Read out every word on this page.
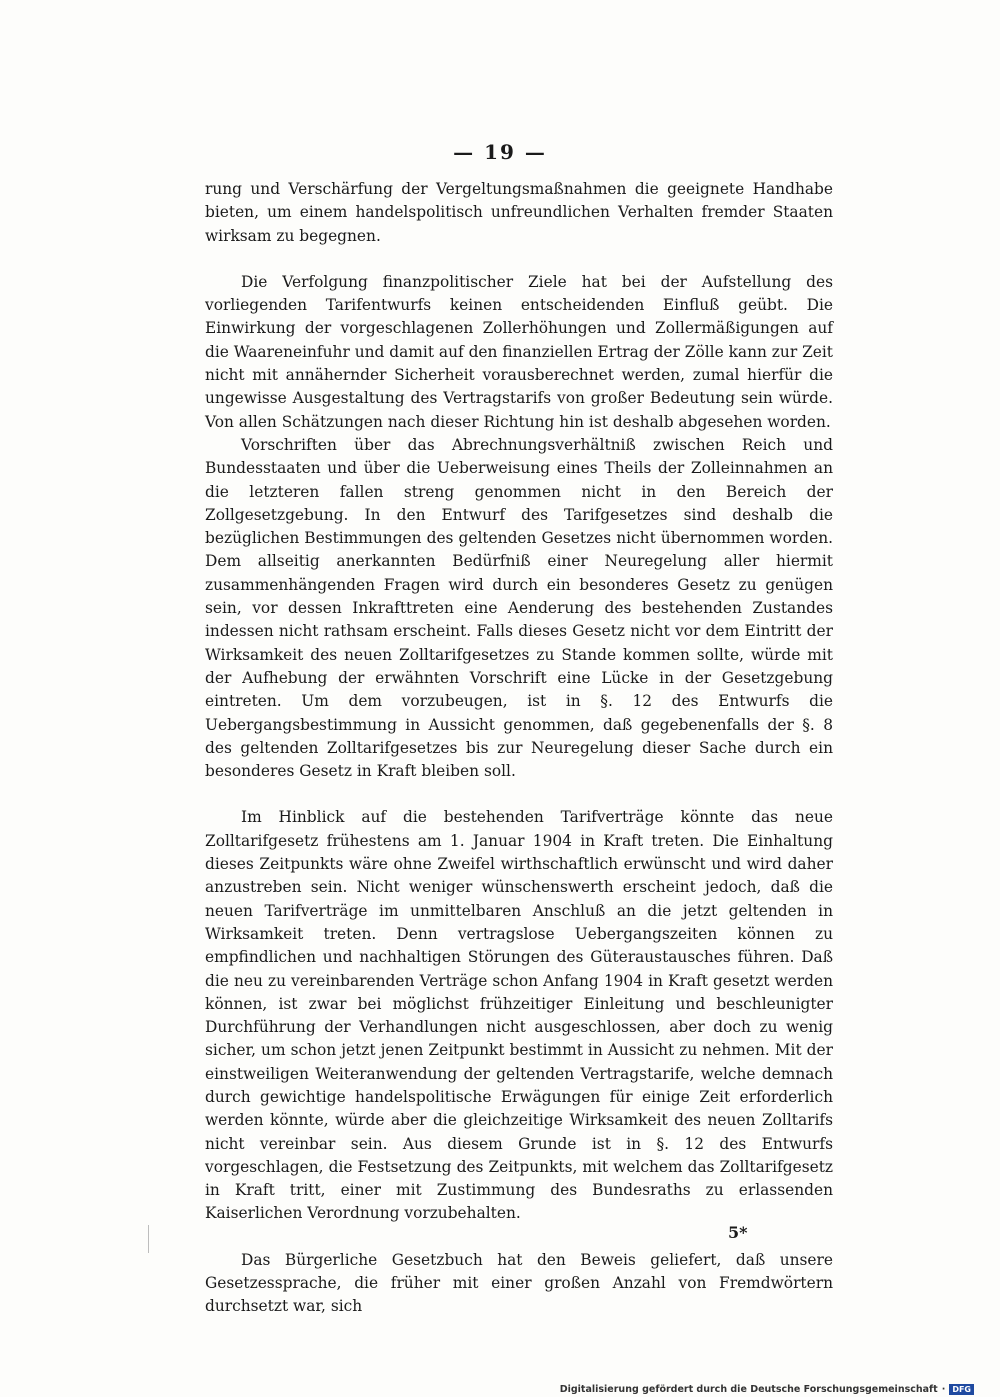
— 19 —

rung und Verschärfung der Vergeltungsmaßnahmen die geeignete Handhabe bieten, um einem handelspolitisch unfreundlichen Verhalten fremder Staaten wirksam zu begegnen.

Die Verfolgung finanzpolitischer Ziele hat bei der Aufstellung des vorliegenden Tarifentwurfs keinen entscheidenden Einfluß geübt. Die Einwirkung der vorgeschlagenen Zollerhöhungen und Zollermäßigungen auf die Waareneinfuhr und damit auf den finanziellen Ertrag der Zölle kann zur Zeit nicht mit annähernder Sicherheit vorausberechnet werden, zumal hierfür die ungewisse Ausgestaltung des Vertragstarifs von großer Bedeutung sein würde. Von allen Schätzungen nach dieser Richtung hin ist deshalb abgesehen worden.

Vorschriften über das Abrechnungsverhältniß zwischen Reich und Bundesstaaten und über die Ueberweisung eines Theils der Zolleinnahmen an die letzteren fallen streng genommen nicht in den Bereich der Zollgesetzgebung. In den Entwurf des Tarifgesetzes sind deshalb die bezüglichen Bestimmungen des geltenden Gesetzes nicht übernommen worden. Dem allseitig anerkannten Bedürfniß einer Neuregelung aller hiermit zusammenhängenden Fragen wird durch ein besonderes Gesetz zu genügen sein, vor dessen Inkrafttreten eine Aenderung des bestehenden Zustandes indessen nicht rathsam erscheint. Falls dieses Gesetz nicht vor dem Eintritt der Wirksamkeit des neuen Zolltarifgesetzes zu Stande kommen sollte, würde mit der Aufhebung der erwähnten Vorschrift eine Lücke in der Gesetzgebung eintreten. Um dem vorzubeugen, ist in §. 12 des Entwurfs die Uebergangsbestimmung in Aussicht genommen, daß gegebenenfalls der §. 8 des geltenden Zolltarifgesetzes bis zur Neuregelung dieser Sache durch ein besonderes Gesetz in Kraft bleiben soll.

Im Hinblick auf die bestehenden Tarifverträge könnte das neue Zolltarifgesetz frühestens am 1. Januar 1904 in Kraft treten. Die Einhaltung dieses Zeitpunkts wäre ohne Zweifel wirthschaftlich erwünscht und wird daher anzustreben sein. Nicht weniger wünschenswerth erscheint jedoch, daß die neuen Tarifverträge im unmittelbaren Anschluß an die jetzt geltenden in Wirksamkeit treten. Denn vertragslose Uebergangszeiten können zu empfindlichen und nachhaltigen Störungen des Güteraustausches führen. Daß die neu zu vereinbarenden Verträge schon Anfang 1904 in Kraft gesetzt werden können, ist zwar bei möglichst frühzeitiger Einleitung und beschleunigter Durchführung der Verhandlungen nicht ausgeschlossen, aber doch zu wenig sicher, um schon jetzt jenen Zeitpunkt bestimmt in Aussicht zu nehmen. Mit der einstweiligen Weiteranwendung der geltenden Vertragstarife, welche demnach durch gewichtige handelspolitische Erwägungen für einige Zeit erforderlich werden könnte, würde aber die gleichzeitige Wirksamkeit des neuen Zolltarifs nicht vereinbar sein. Aus diesem Grunde ist in §. 12 des Entwurfs vorgeschlagen, die Festsetzung des Zeitpunkts, mit welchem das Zolltarifgesetz in Kraft tritt, einer mit Zustimmung des Bundesraths zu erlassenden Kaiserlichen Verordnung vorzubehalten.

Das Bürgerliche Gesetzbuch hat den Beweis geliefert, daß unsere Gesetzessprache, die früher mit einer großen Anzahl von Fremdwörtern durchsetzt war, sich

5*
Digitalisierung gefördert durch die Deutsche Forschungsgemeinschaft · DFG
